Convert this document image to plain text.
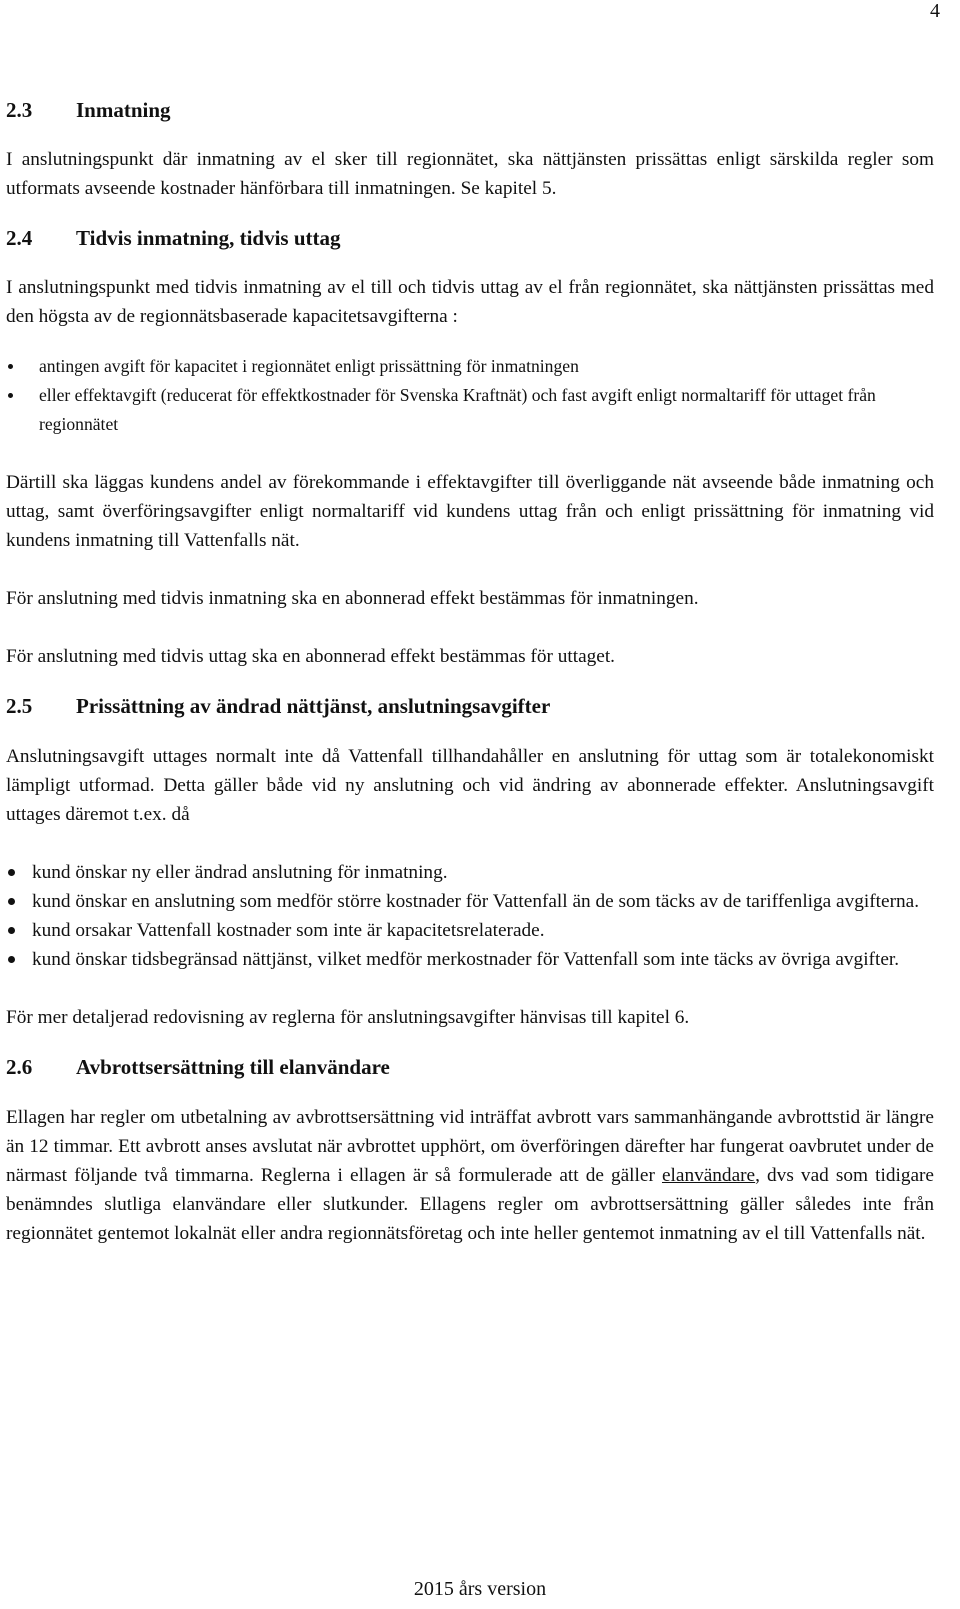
4
2.3	Inmatning

I anslutningspunkt där inmatning av el sker till regionnätet, ska nättjänsten prissättas enligt särskilda regler som utformats avseende kostnader hänförbara till inmatningen. Se kapitel 5.

2.4	Tidvis inmatning, tidvis uttag

I anslutningspunkt med tidvis inmatning av el till och tidvis uttag av el från regionnätet, ska nättjänsten prissättas med den högsta av de regionnätsbaserade kapacitetsavgifterna :

antingen avgift för kapacitet i regionnätet enligt prissättning för inmatningen
eller effektavgift (reducerat för effektkostnader för Svenska Kraftnät) och fast avgift enligt normaltariff för uttaget från regionnätet

Därtill ska läggas kundens andel av förekommande i effektavgifter till överliggande nät avseende både inmatning och uttag, samt överföringsavgifter enligt normaltariff vid kundens uttag från och enligt prissättning för inmatning vid kundens inmatning till Vattenfalls nät.

För anslutning med tidvis inmatning ska en abonnerad effekt bestämmas för inmatningen.

För anslutning med tidvis uttag ska en abonnerad effekt bestämmas för uttaget.

2.5	Prissättning av ändrad nättjänst, anslutningsavgifter

Anslutningsavgift uttages normalt inte då Vattenfall tillhandahåller en anslutning för uttag som är totalekonomiskt lämpligt utformad. Detta gäller både vid ny anslutning och vid ändring av abonnerade effekter. Anslutningsavgift uttages däremot t.ex. då

kund önskar ny eller ändrad anslutning för inmatning.
kund önskar en anslutning som medför större kostnader för Vattenfall än de som täcks av de tariffenliga avgifterna.
kund orsakar Vattenfall kostnader som inte är kapacitetsrelaterade.
kund önskar tidsbegränsad nättjänst, vilket medför merkostnader för Vattenfall som inte täcks av övriga avgifter.

För mer detaljerad redovisning av reglerna för anslutningsavgifter hänvisas till kapitel 6.

2.6	Avbrottsersättning till elanvändare

Ellagen har regler om utbetalning av avbrottsersättning vid inträffat avbrott vars sammanhängande avbrottstid är längre än 12 timmar. Ett avbrott anses avslutat när avbrottet upphört, om överföringen därefter har fungerat oavbrutet under de närmast följande två timmarna. Reglerna i ellagen är så formulerade att de gäller elanvändare, dvs vad som tidigare benämndes slutliga elanvändare eller slutkunder. Ellagens regler om avbrottsersättning gäller således inte från regionnätet gentemot lokalnät eller andra regionnätsföretag och inte heller gentemot inmatning av el till Vattenfalls nät.

2015 års version
